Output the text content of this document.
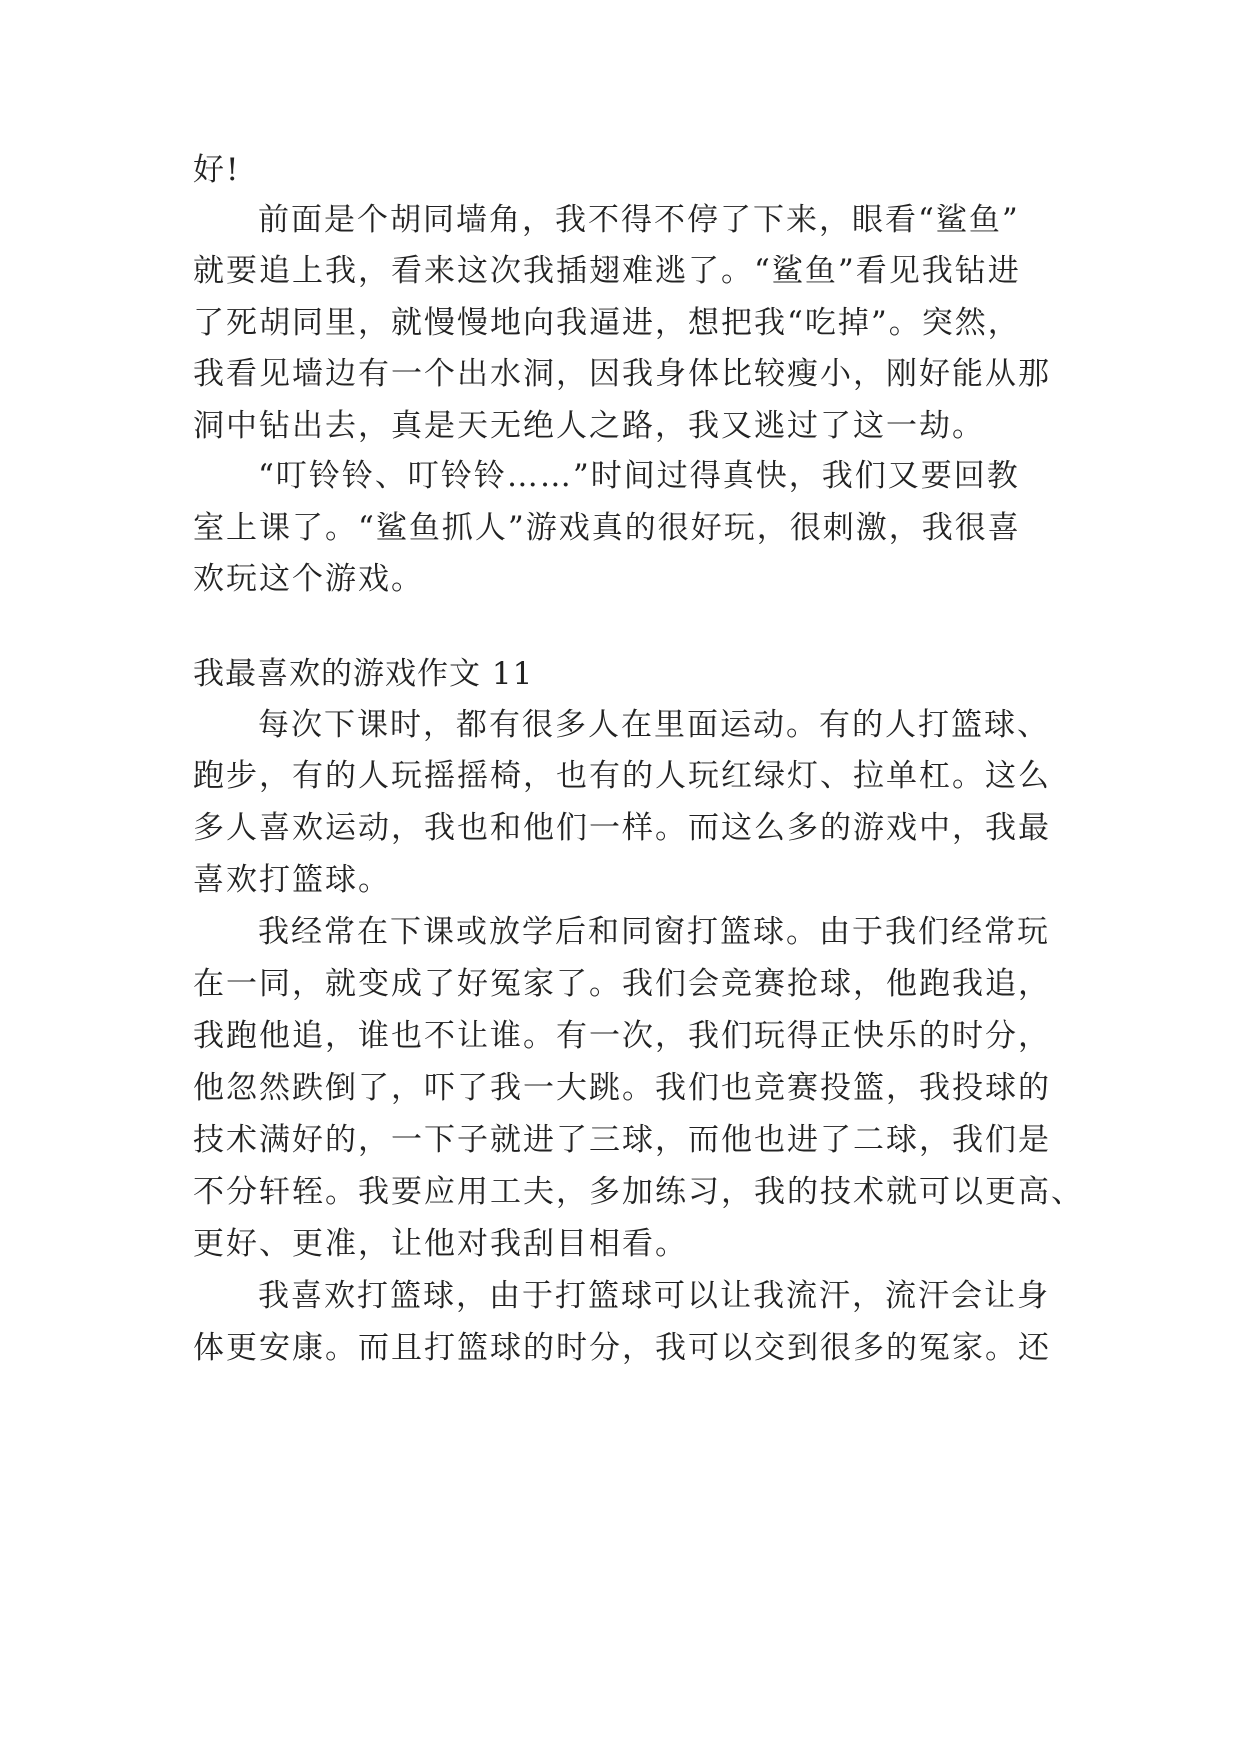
好!
前面是个胡同墙角，我不得不停了下来，眼看“鲨鱼”
就要追上我，看来这次我插翅难逃了。“鲨鱼”看见我钻进
了死胡同里，就慢慢地向我逼进，想把我“吃掉”。突然，
我看见墙边有一个出水洞，因我身体比较瘦小，刚好能从那
洞中钻出去，真是天无绝人之路，我又逃过了这一劫。
“叮铃铃、叮铃铃……”时间过得真快，我们又要回教
室上课了。“鲨鱼抓人”游戏真的很好玩，很刺激，我很喜
欢玩这个游戏。
我最喜欢的游戏作文 11
每次下课时，都有很多人在里面运动。有的人打篮球、
跑步，有的人玩摇摇椅，也有的人玩红绿灯、拉单杠。这么
多人喜欢运动，我也和他们一样。而这么多的游戏中，我最
喜欢打篮球。
我经常在下课或放学后和同窗打篮球。由于我们经常玩
在一同，就变成了好冤家了。我们会竞赛抢球，他跑我追，
我跑他追，谁也不让谁。有一次，我们玩得正快乐的时分，
他忽然跌倒了，吓了我一大跳。我们也竞赛投篮，我投球的
技术满好的，一下子就进了三球，而他也进了二球，我们是
不分轩轾。我要应用工夫，多加练习，我的技术就可以更高、
更好、更准，让他对我刮目相看。
我喜欢打篮球，由于打篮球可以让我流汗，流汗会让身
体更安康。而且打篮球的时分，我可以交到很多的冤家。还
